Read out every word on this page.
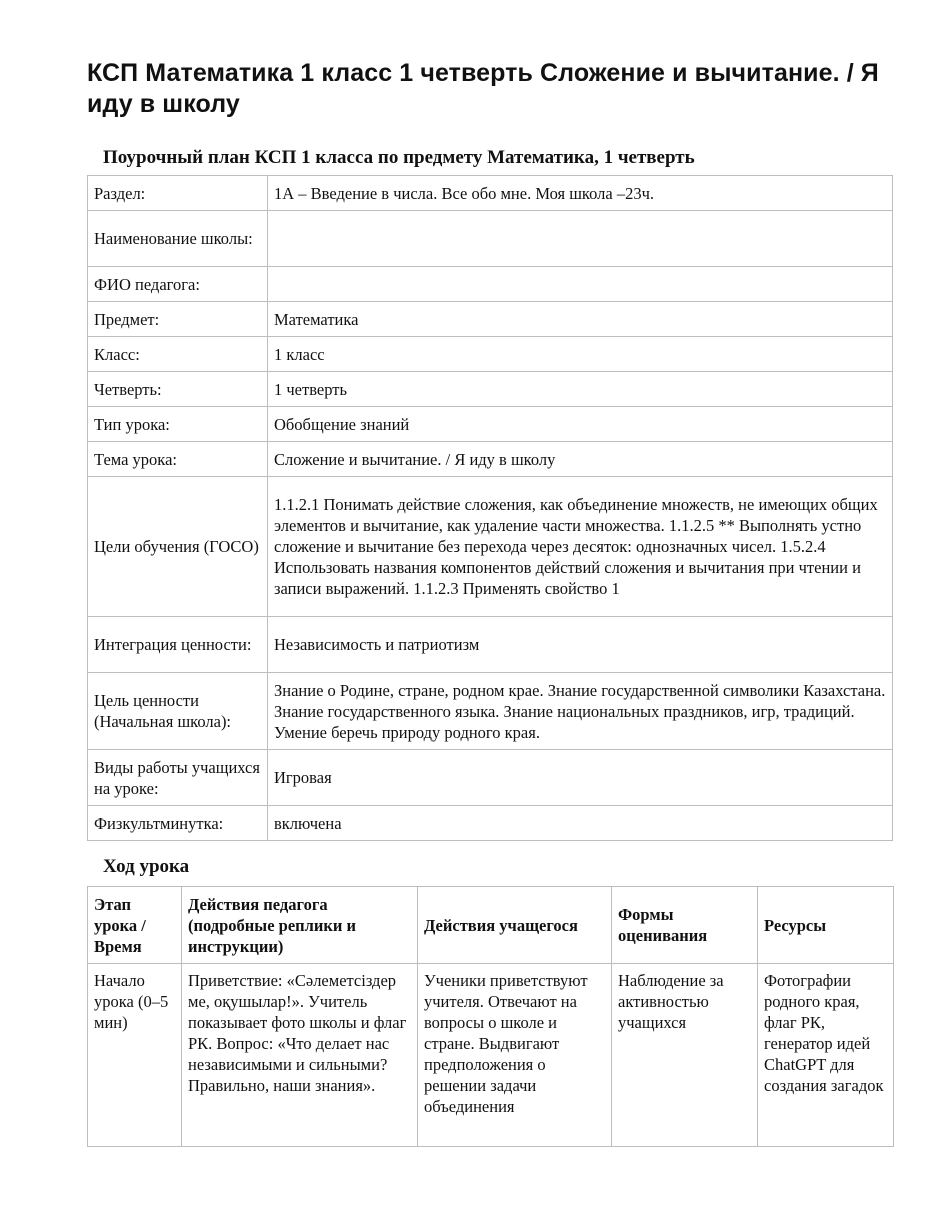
КСП Математика 1 класс 1 четверть Сложение и вычитание. / Я иду в школу
Поурочный план КСП 1 класса по предмету Математика, 1 четверть
Раздел:	1А – Введение в числа. Все обо мне. Моя школа –23ч.
Наименование школы:	
ФИО педагога:	
Предмет:	Математика
Класс:	1 класс
Четверть:	1 четверть
Тип урока:	Обобщение знаний
Тема урока:	Сложение и вычитание. / Я иду в школу
Цели обучения (ГОСО)	1.1.2.1 Понимать действие сложения, как объединение множеств, не имеющих общих элементов и вычитание, как удаление части множества. 1.1.2.5 ** Выполнять устно сложение и вычитание без перехода через десяток: однозначных чисел. 1.5.2.4 Использовать названия компонентов действий сложения и вычитания при чтении и записи выражений. 1.1.2.3 Применять свойство 1
Интеграция ценности:	Независимость и патриотизм
Цель ценности (Начальная школа):	Знание о Родине, стране, родном крае. Знание государственной символики Казахстана. Знание государственного языка. Знание национальных праздников, игр, традиций. Умение беречь природу родного края.
Виды работы учащихся на уроке:	Игровая
Физкультминутка:	включена
Ход урока
Этап урока / Время	Действия педагога (подробные реплики и инструкции)	Действия учащегося	Формы оценивания	Ресурсы
Начало урока (0–5 мин)	Приветствие: «Сәлеметсіздер ме, оқушылар!». Учитель показывает фото школы и флаг РК. Вопрос: «Что делает нас независимыми и сильными? Правильно, наши знания».	Ученики приветствуют учителя. Отвечают на вопросы о школе и стране. Выдвигают предположения о решении задачи объединения	Наблюдение за активностью учащихся	Фотографии родного края, флаг РК, генератор идей ChatGPT для создания загадок
